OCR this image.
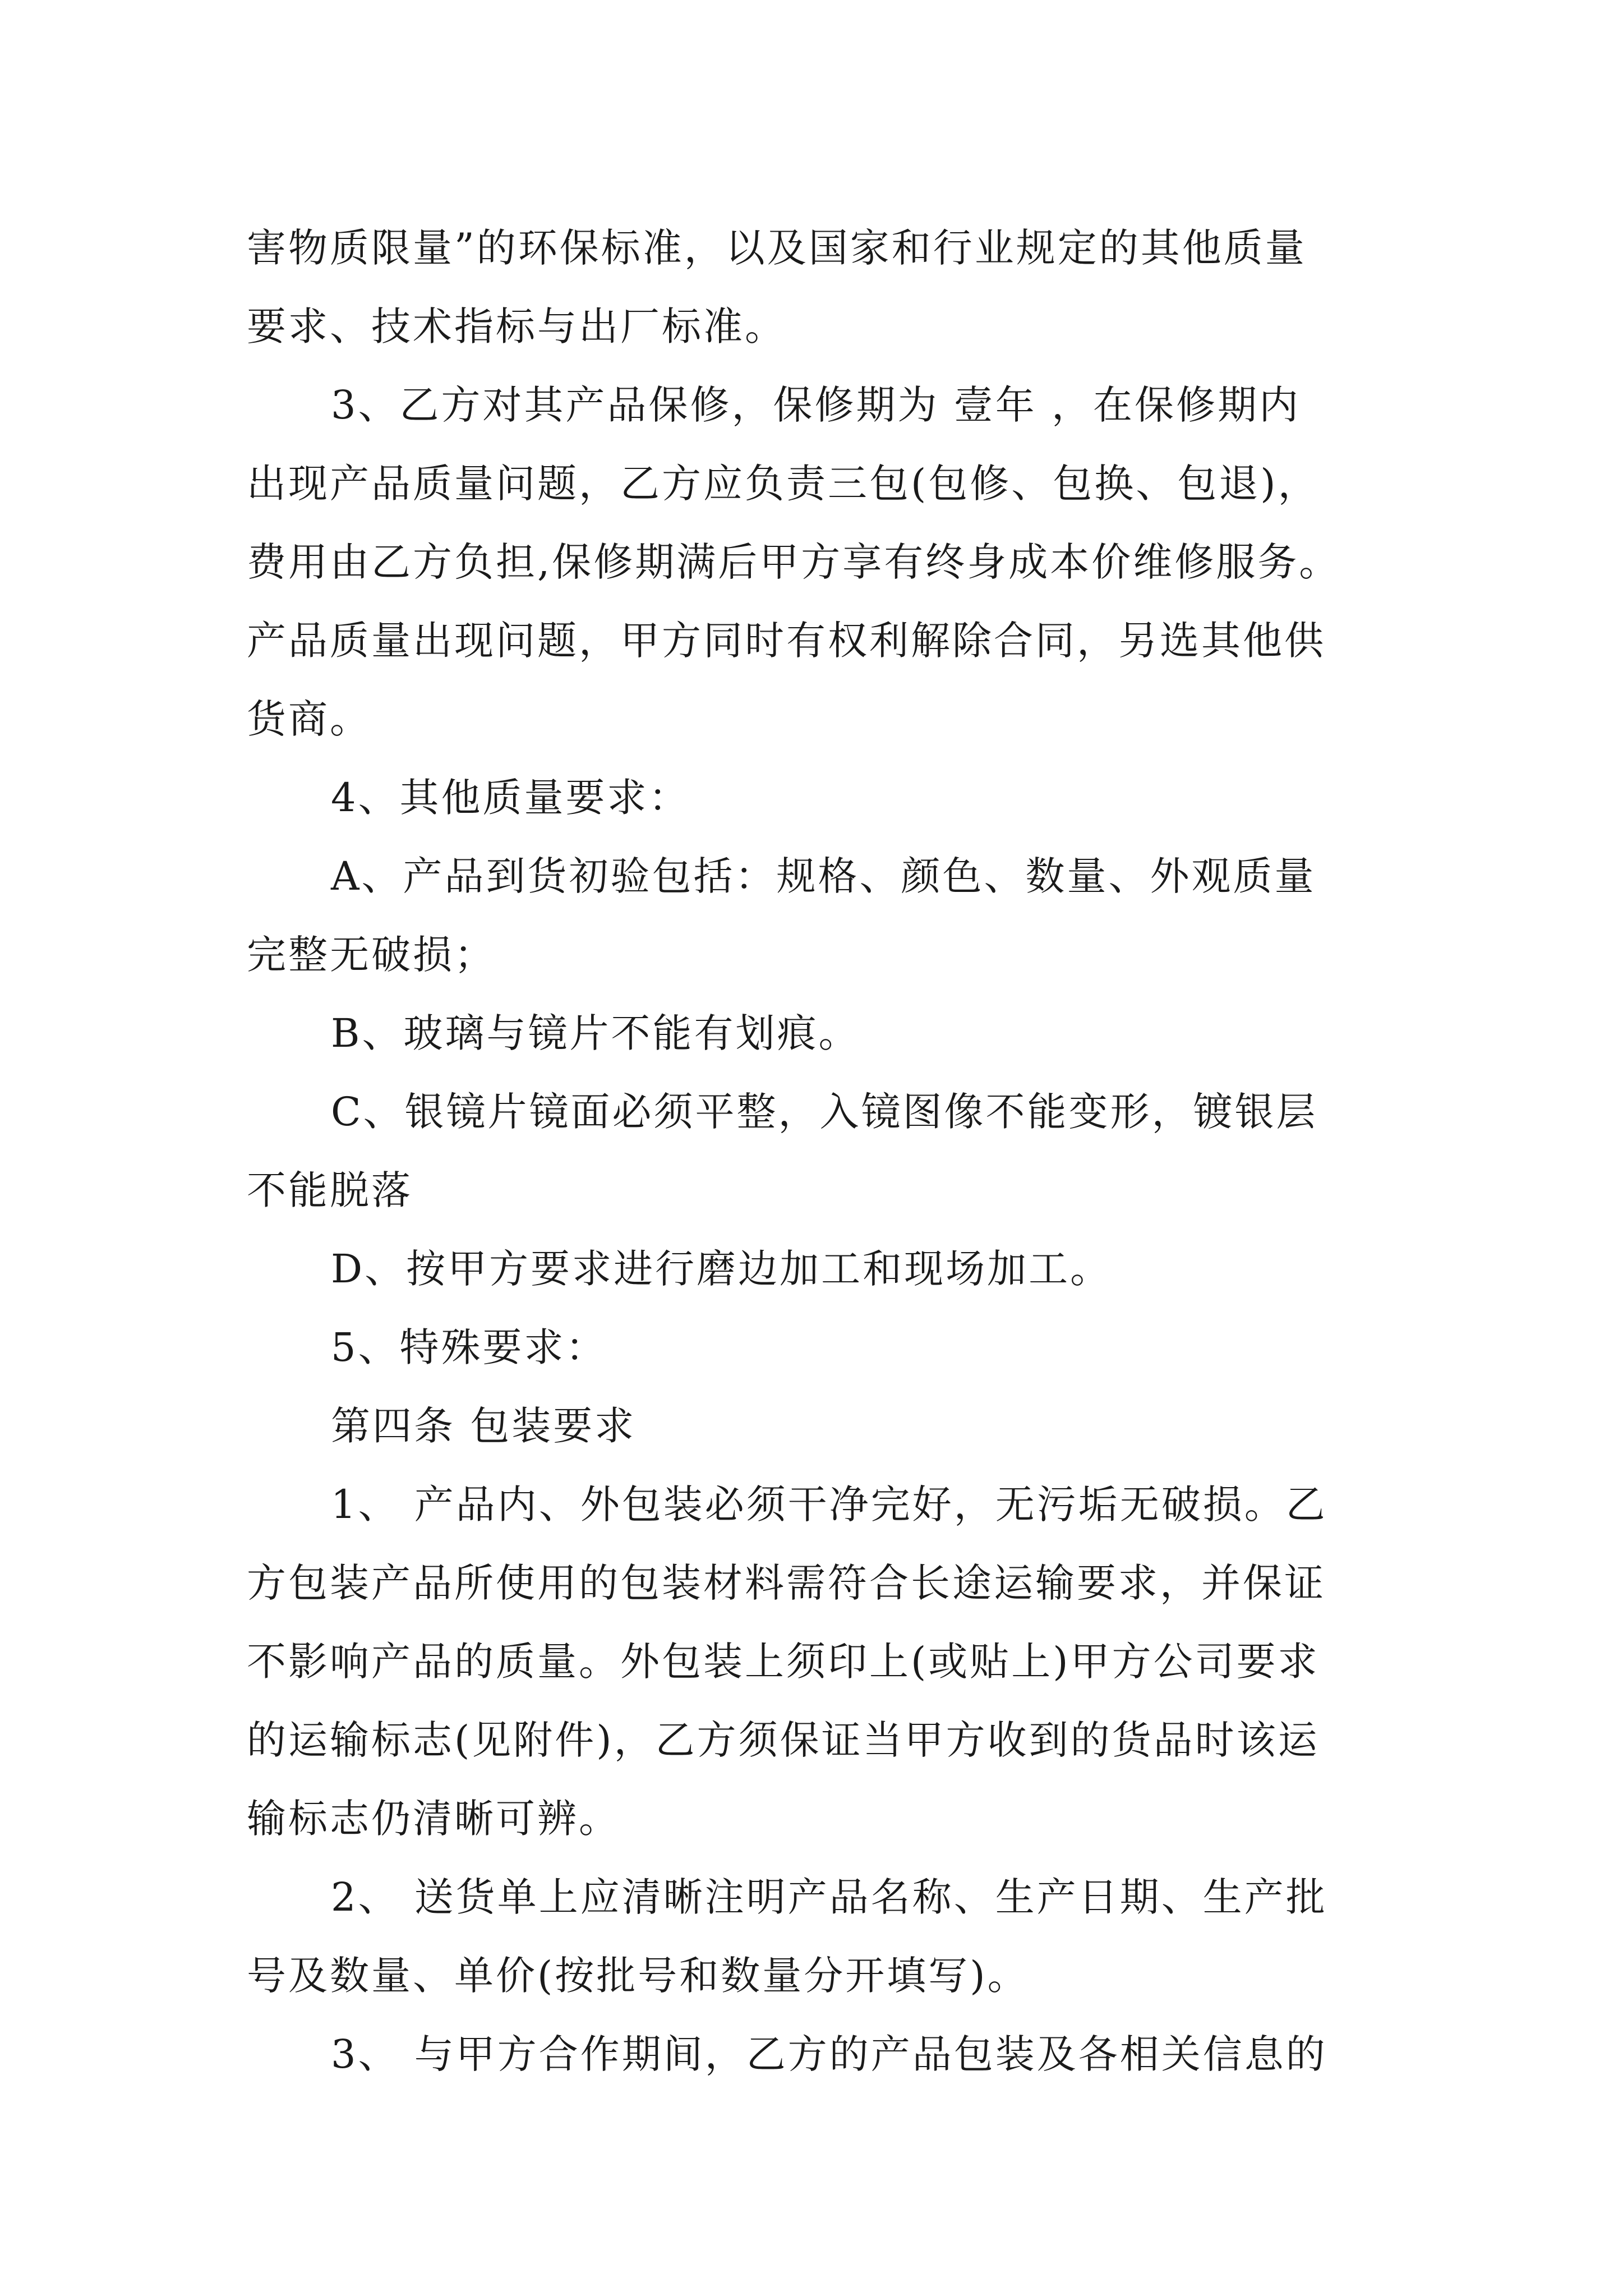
害物质限量”的环保标准，以及国家和行业规定的其他质量
要求、技术指标与出厂标准。

3、乙方对其产品保修，保修期为 壹年 ，在保修期内
出现产品质量问题，乙方应负责三包(包修、包换、包退)，
费用由乙方负担,保修期满后甲方享有终身成本价维修服务。
产品质量出现问题，甲方同时有权利解除合同，另选其他供
货商。

4、其他质量要求：

A、产品到货初验包括：规格、颜色、数量、外观质量
完整无破损；

B、玻璃与镜片不能有划痕。

C、银镜片镜面必须平整，入镜图像不能变形，镀银层
不能脱落

D、按甲方要求进行磨边加工和现场加工。

5、特殊要求：

第四条 包装要求

1、 产品内、外包装必须干净完好，无污垢无破损。乙
方包装产品所使用的包装材料需符合长途运输要求，并保证
不影响产品的质量。外包装上须印上(或贴上)甲方公司要求
的运输标志(见附件)，乙方须保证当甲方收到的货品时该运
输标志仍清晰可辨。

2、 送货单上应清晰注明产品名称、生产日期、生产批
号及数量、单价(按批号和数量分开填写)。

3、 与甲方合作期间，乙方的产品包装及各相关信息的
